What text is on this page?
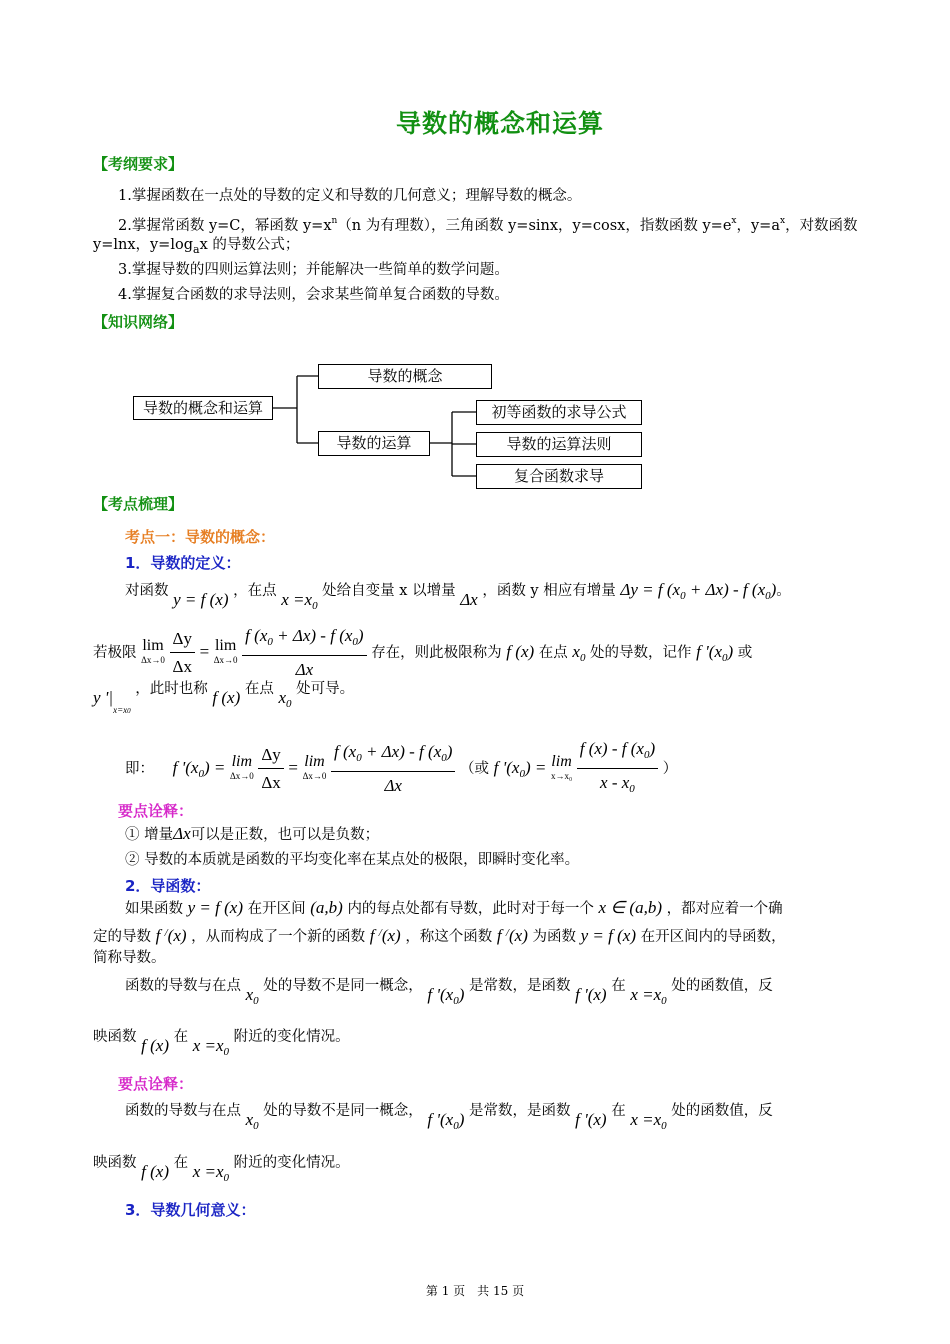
导数的概念和运算
【考纲要求】
1.掌握函数在一点处的导数的定义和导数的几何意义；理解导数的概念。
2.掌握常函数 y=C，幂函数 $y=x^n(n$ 为有理数），三角函数 y=sinx，y=cosx，指数函数 $y=e^x$，$y=a^x$，对数函数
y=lnx，$y=\log_ax$ 的导数公式；
3.掌握导数的四则运算法则；并能解决一些简单的数学问题。
4.掌握复合函数的求导法则，会求某些简单复合函数的导数。
【知识网络】
导数的概念和运算
导数的概念
导数的运算
初等函数的求导公式
导数的运算法则
复合函数求导
【考点梳理】
考点一：导数的概念：
1．导数的定义：
对函数 y = f (x) ，在点 $x =x_0$ 处给自变量 x 以增量 Δx ，函数 y 相应有增量 Δy = f $(x_0 + \Delta x) - f$ $(x_0)$。
若极限 lim
Δx→0
$\frac{\Delta y}{\Delta x} = \lim$
Δx→0
$\frac{f (x_0 + \Delta x) - f (x_0)}{\Delta x}$ 存在，则此极限称为 f (x) 在点 $x_0$ 处的导数，记作 f '$(x_0)$ 或
y '$|_{x=x0}$ ，此时也称 f (x) 在点 $x_0$ 处可导。
即： f '$(x_0) = \lim$
Δx→0
$\frac{\Delta y}{\Delta x} = \lim$
Δx→0
$\frac{f (x_0 + \Delta x) - f (x_0)}{\Delta x}$ （或 f '$(x_0) = \lim$
x→x₀
$\frac{f (x) - f (x_0)}{x - x_0}$ ）
要点诠释：
① 增量Δx可以是正数，也可以是负数；
② 导数的本质就是函数的平均变化率在某点处的极限，即瞬时变化率。
2．导函数：
如果函数 y = f (x) 在开区间 (a,b) 内的每点处都有导数，此时对于每一个 x ∈ (a,b) ，都对应着一个确
定的导数 f /(x) ，从而构成了一个新的函数 f /(x) ，称这个函数 f /(x) 为函数 y = f (x) 在开区间内的导函数，
简称导数。
函数的导数与在点 $x_0$ 处的导数不是同一概念， f '$(x_0)$ 是常数，是函数 f '(x) 在 $x =x_0$ 处的函数值，反
映函数 f (x) 在 $x =x_0$ 附近的变化情况。
要点诠释：
函数的导数与在点 $x_0$ 处的导数不是同一概念， f '$(x_0)$ 是常数，是函数 f '(x) 在 $x =x_0$ 处的函数值，反
映函数 f (x) 在 $x =x_0$ 附近的变化情况。
3．导数几何意义：
第 1 页　共 15 页
